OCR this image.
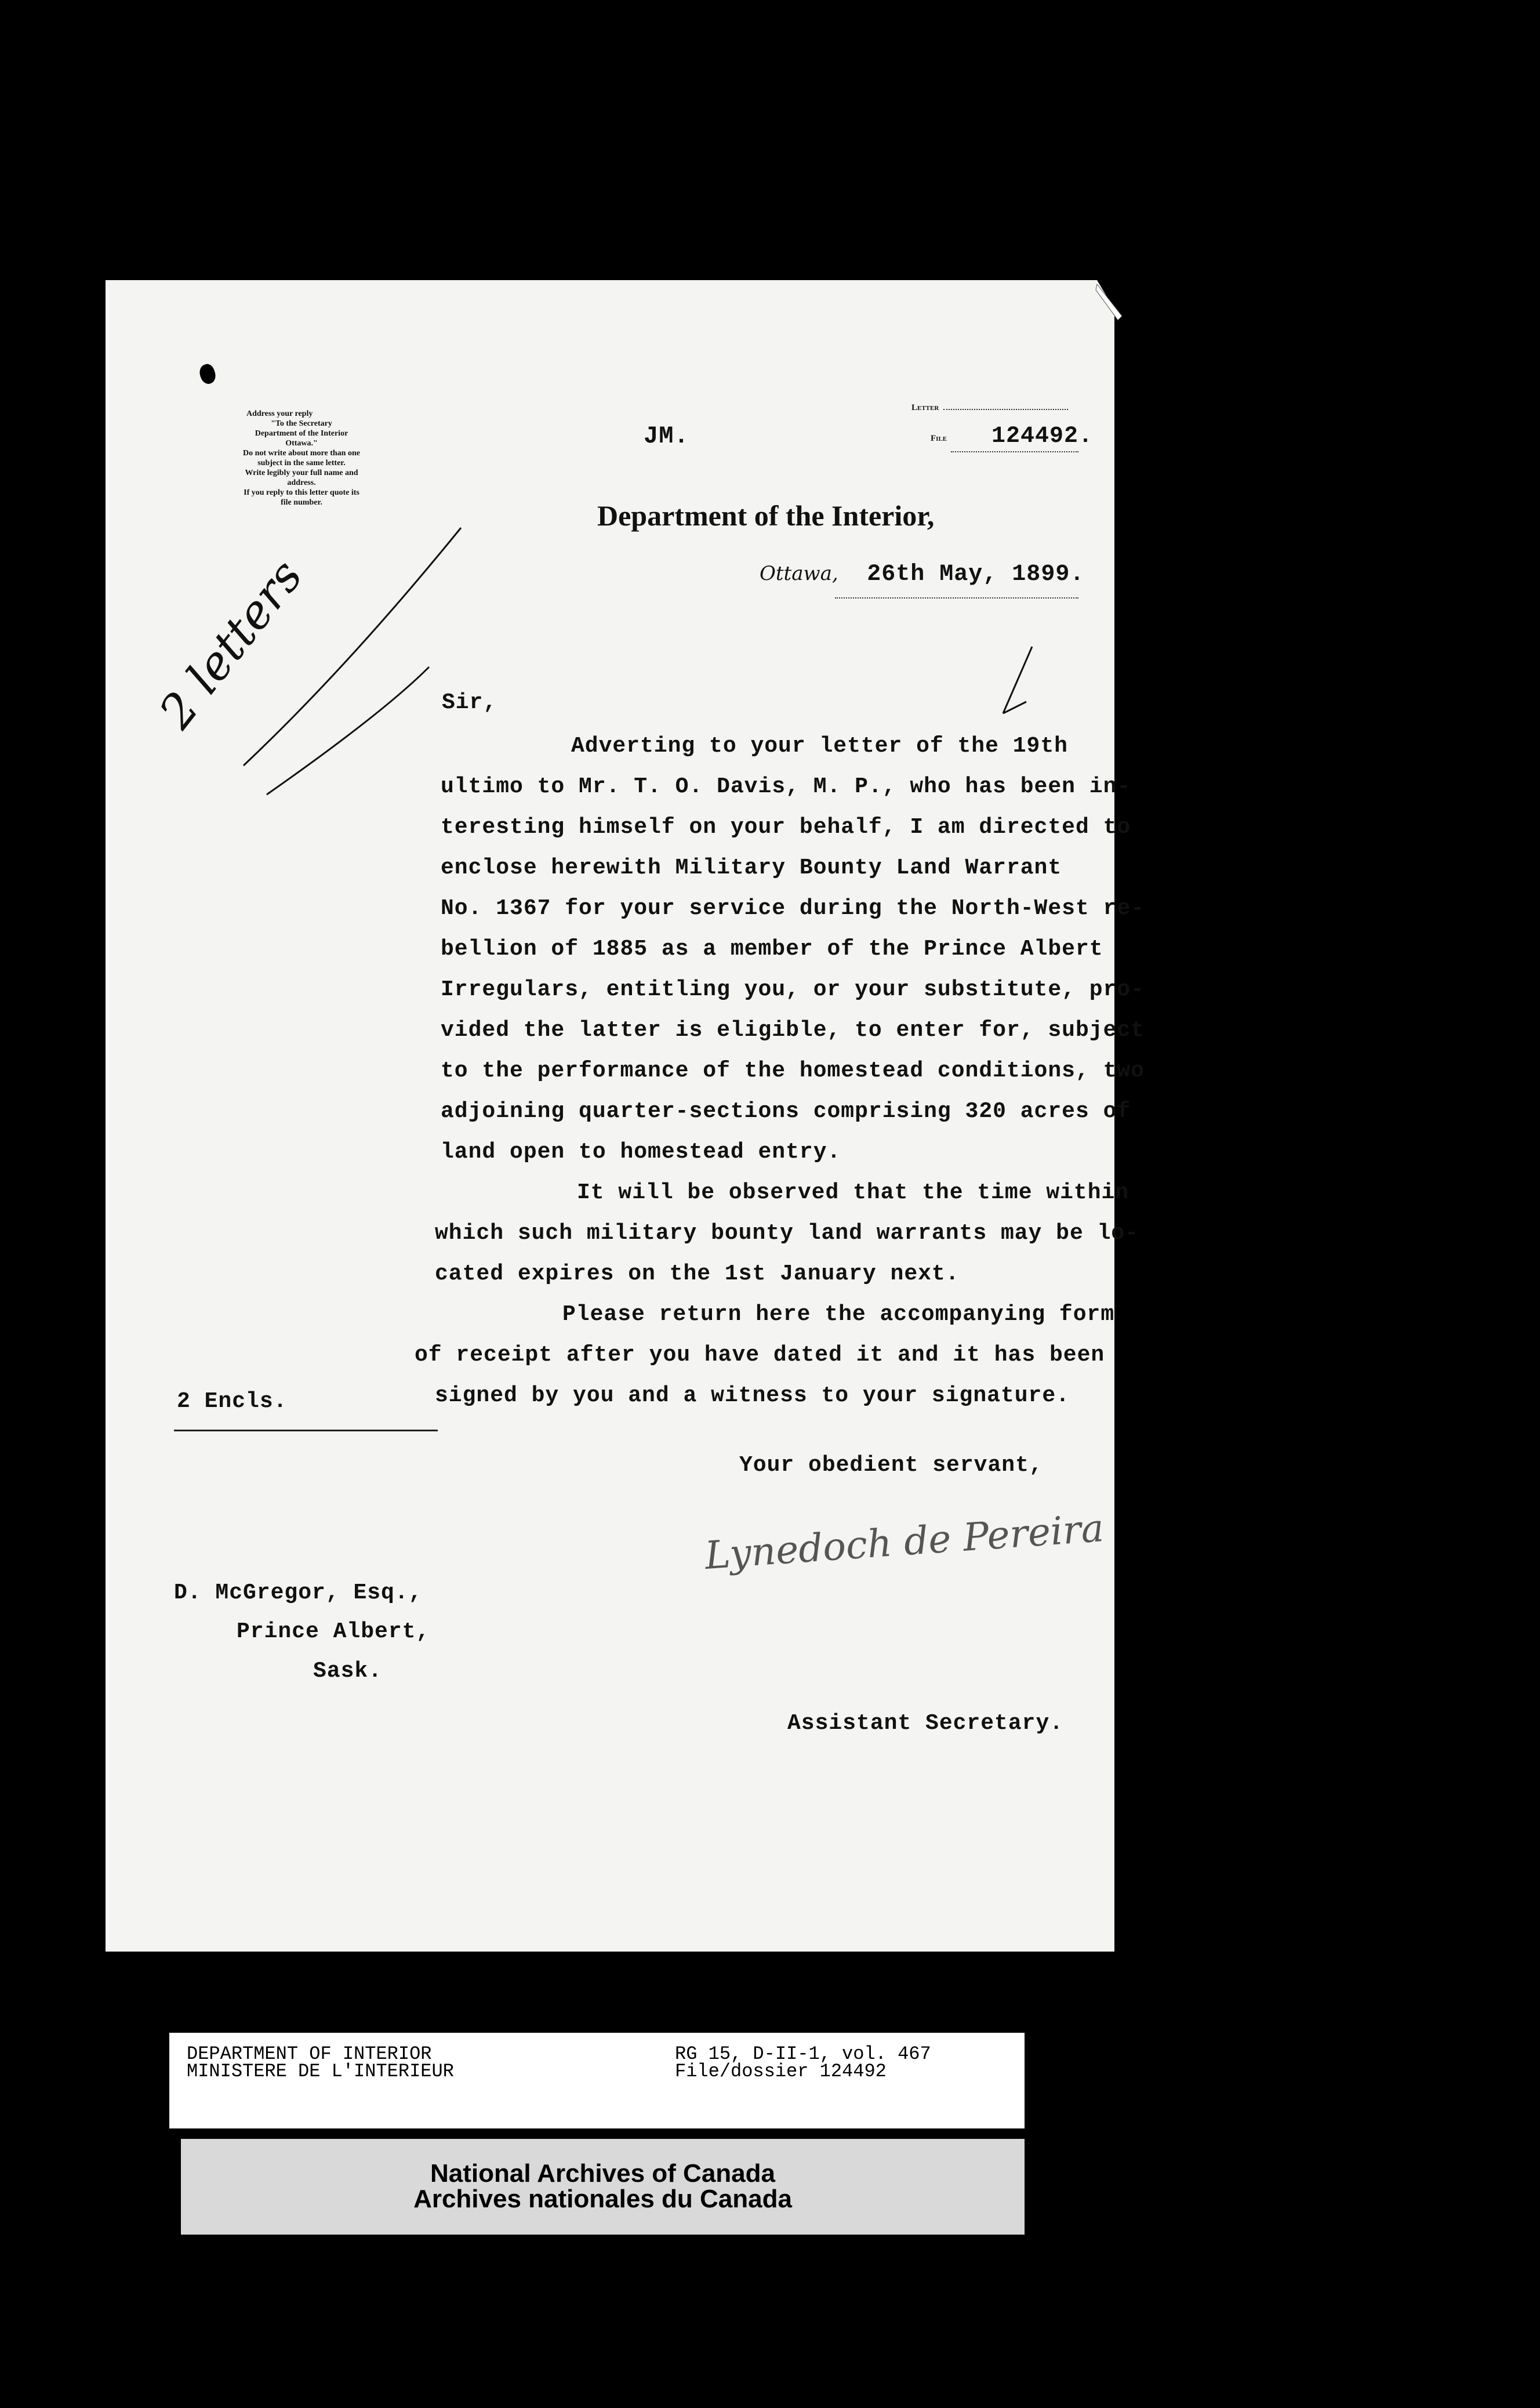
Address your reply
"To the Secretary
Department of the Interior
Ottawa."
Do not write about more than one
subject in the same letter.
Write legibly your full name and
address.
If you reply to this letter quote its
file number.
JM.
Letter
File 124492.
Department of the Interior,
Ottawa, 26th May, 1899.
2 letters	Sir,
Adverting to your letter of the 19th
ultimo to Mr. T. O. Davis, M. P., who has been in-
teresting himself on your behalf, I am directed to
enclose herewith Military Bounty Land Warrant
No. 1367 for your service during the North-West re-
bellion of 1885 as a member of the Prince Albert
Irregulars, entitling you, or your substitute, pro-
vided the latter is eligible, to enter for, subject
to the performance of the homestead conditions, two
adjoining quarter-sections comprising 320 acres of
land open to homestead entry.
It will be observed that the time within
which such military bounty land warrants may be lo-
cated expires on the 1st January next.
Please return here the accompanying form
of receipt after you have dated it and it has been
signed by you and a witness to your signature.
2 Encls.
Your obedient servant,
Lynedoch de Pereira
D. McGregor, Esq.,
Prince Albert,
Sask.
Assistant Secretary.
DEPARTMENT OF INTERIOR
MINISTERE DE L'INTERIEUR
RG 15, D-II-1, vol. 467
File/dossier 124492
National Archives of Canada
Archives nationales du Canada
